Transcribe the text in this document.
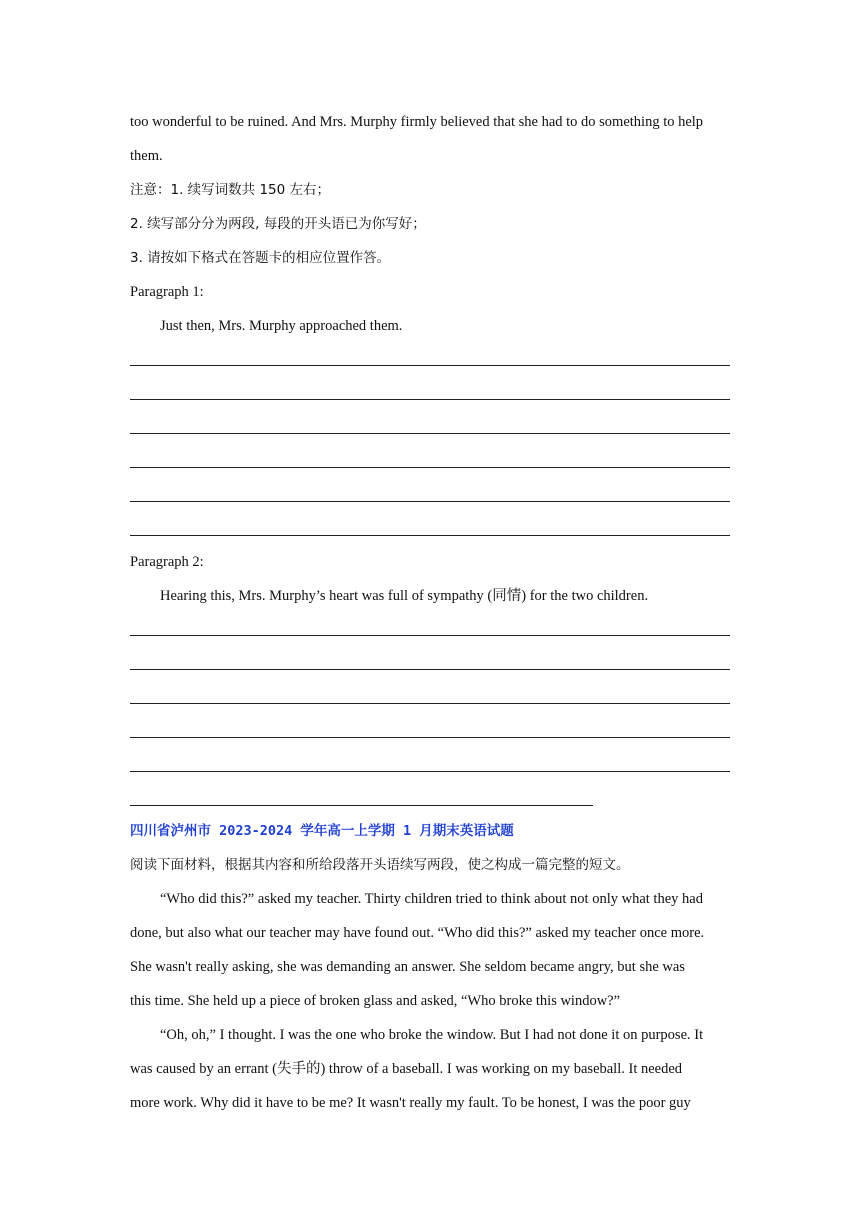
too wonderful to be ruined. And Mrs. Murphy firmly believed that she had to do something to help
them.
注意：1. 续写词数共 150 左右；
2. 续写部分分为两段, 每段的开头语已为你写好；
3. 请按如下格式在答题卡的相应位置作答。
Paragraph 1:
Just then, Mrs. Murphy approached them.
Paragraph 2:
Hearing this, Mrs. Murphy’s heart was full of sympathy (同情) for the two children.
四川省泸州市 2023-2024 学年高一上学期 1 月期末英语试题
阅读下面材料，根据其内容和所给段落开头语续写两段，使之构成一篇完整的短文。
“Who did this?” asked my teacher. Thirty children tried to think about not only what they had
done, but also what our teacher may have found out. “Who did this?” asked my teacher once more.
She wasn't really asking, she was demanding an answer. She seldom became angry, but she was
this time. She held up a piece of broken glass and asked, “Who broke this window?”
“Oh, oh,” I thought. I was the one who broke the window. But I had not done it on purpose. It
was caused by an errant (失手的) throw of a baseball. I was working on my baseball. It needed
more work. Why did it have to be me? It wasn't really my fault. To be honest, I was the poor guy
